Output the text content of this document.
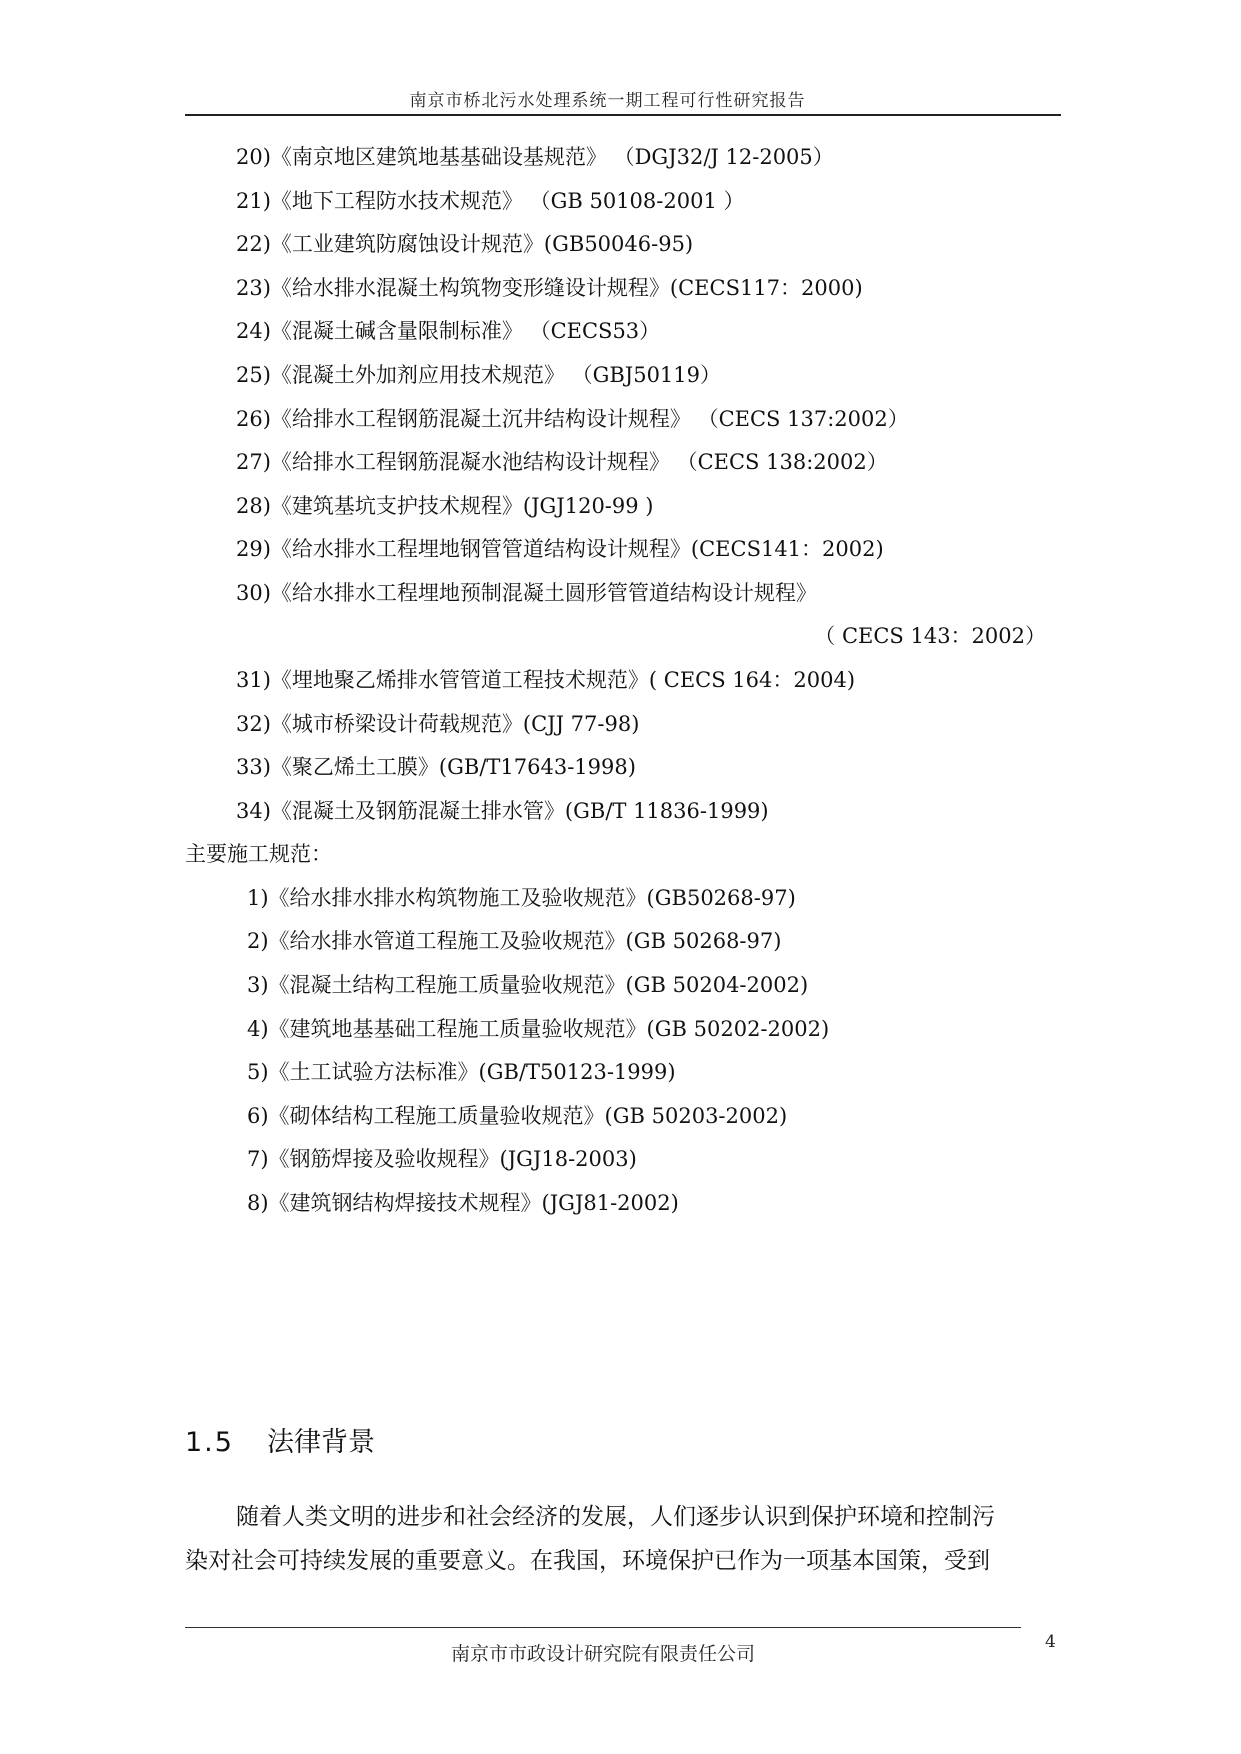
南京市桥北污水处理系统一期工程可行性研究报告
20)《南京地区建筑地基基础设基规范》 （DGJ32/J 12-2005）
21)《地下工程防水技术规范》 （GB 50108-2001 ）
22)《工业建筑防腐蚀设计规范》(GB50046-95)
23)《给水排水混凝土构筑物变形缝设计规程》(CECS117：2000)
24)《混凝土碱含量限制标准》 （CECS53）
25)《混凝土外加剂应用技术规范》 （GBJ50119）
26)《给排水工程钢筋混凝土沉井结构设计规程》 （CECS 137:2002）
27)《给排水工程钢筋混凝水池结构设计规程》 （CECS 138:2002）
28)《建筑基坑支护技术规程》(JGJ120-99 )
29)《给水排水工程埋地钢管管道结构设计规程》(CECS141：2002)
30)《给水排水工程埋地预制混凝土圆形管管道结构设计规程》
（ CECS 143：2002）
31)《埋地聚乙烯排水管管道工程技术规范》( CECS 164：2004)
32)《城市桥梁设计荷载规范》(CJJ 77-98)
33)《聚乙烯土工膜》(GB/T17643-1998)
34)《混凝土及钢筋混凝土排水管》(GB/T 11836-1999)
主要施工规范：
1)《给水排水排水构筑物施工及验收规范》(GB50268-97)
2)《给水排水管道工程施工及验收规范》(GB 50268-97)
3)《混凝土结构工程施工质量验收规范》(GB 50204-2002)
4)《建筑地基基础工程施工质量验收规范》(GB 50202-2002)
5)《土工试验方法标准》(GB/T50123-1999)
6)《砌体结构工程施工质量验收规范》(GB 50203-2002)
7)《钢筋焊接及验收规程》(JGJ18-2003)
8)《建筑钢结构焊接技术规程》(JGJ81-2002)
1.5 法律背景
随着人类文明的进步和社会经济的发展，人们逐步认识到保护环境和控制污
染对社会可持续发展的重要意义。在我国，环境保护已作为一项基本国策，受到
南京市市政设计研究院有限责任公司
4
